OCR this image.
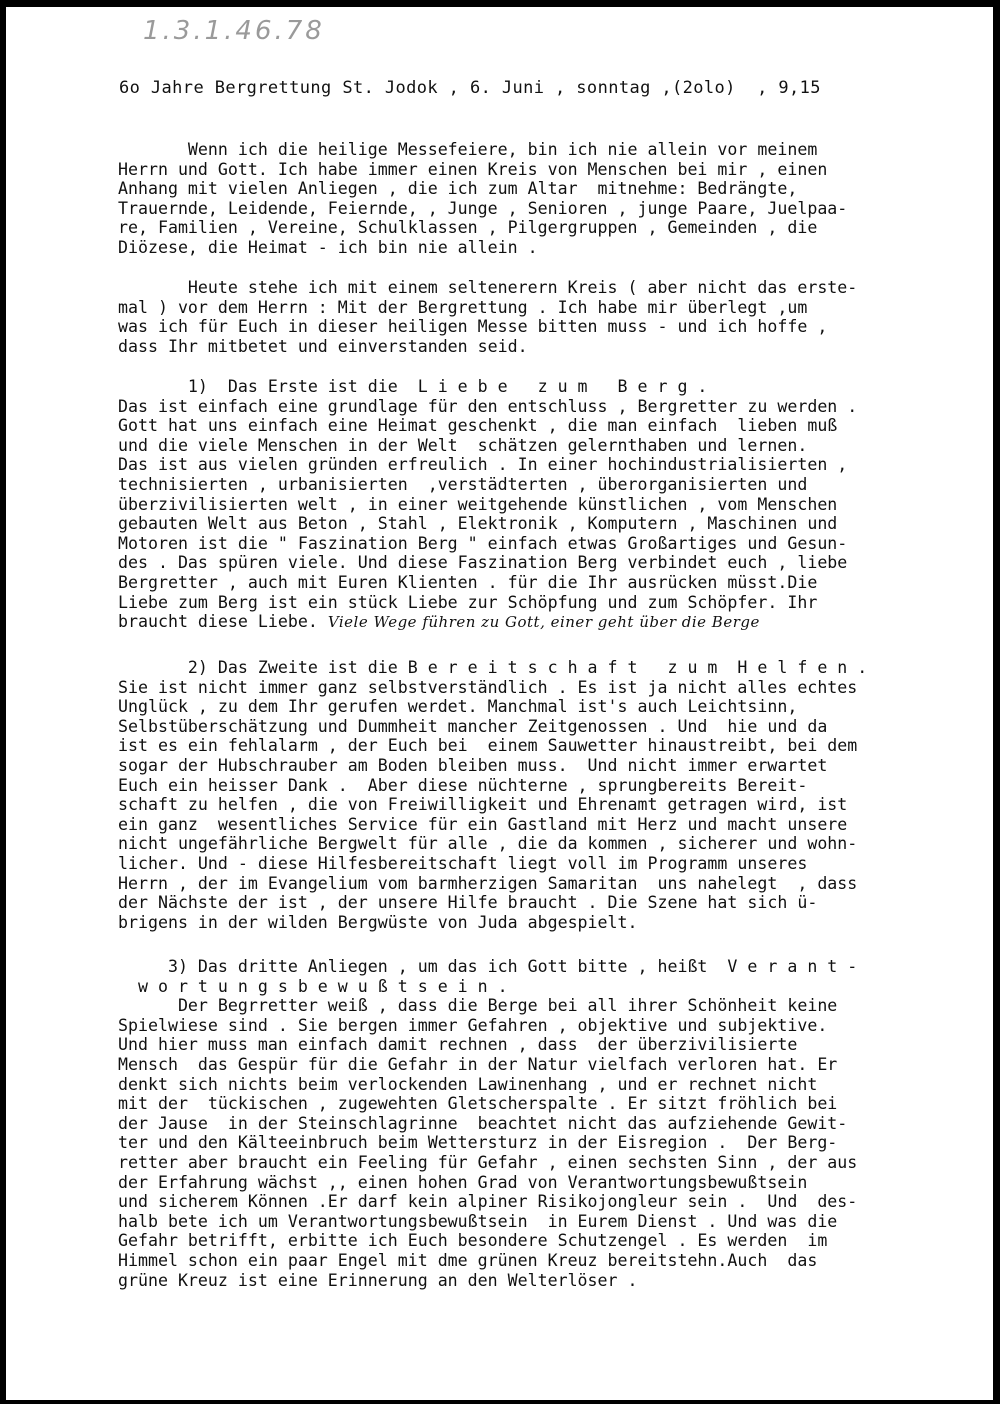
1.3.1.46.78
6o Jahre Bergrettung St. Jodok , 6. Juni , sonntag ,(2olo)  , 9,15
Wenn ich die heilige Messefeiere, bin ich nie allein vor meinem
Herrn und Gott. Ich habe immer einen Kreis von Menschen bei mir , einen
Anhang mit vielen Anliegen , die ich zum Altar  mitnehme: Bedrängte,
Trauernde, Leidende, Feiernde, , Junge , Senioren , junge Paare, Juelpaa-
re, Familien , Vereine, Schulklassen , Pilgergruppen , Gemeinden , die
Diözese, die Heimat - ich bin nie allein .
Heute stehe ich mit einem seltenerern Kreis ( aber nicht das erste-
mal ) vor dem Herrn : Mit der Bergrettung . Ich habe mir überlegt ,um
was ich für Euch in dieser heiligen Messe bitten muss - und ich hoffe ,
dass Ihr mitbetet und einverstanden seid.
1)  Das Erste ist die  L i e b e   z u m   B e r g .
Das ist einfach eine grundlage für den entschluss , Bergretter zu werden .
Gott hat uns einfach eine Heimat geschenkt , die man einfach  lieben muß
und die viele Menschen in der Welt  schätzen gelernthaben und lernen.
Das ist aus vielen gründen erfreulich . In einer hochindustrialisierten ,
technisierten , urbanisierten  ,verstädterten , überorganisierten und
überzivilisierten welt , in einer weitgehende künstlichen , vom Menschen
gebauten Welt aus Beton , Stahl , Elektronik , Komputern , Maschinen und
Motoren ist die " Faszination Berg " einfach etwas Großartiges und Gesun-
des . Das spüren viele. Und diese Faszination Berg verbindet euch , liebe
Bergretter , auch mit Euren Klienten . für die Ihr ausrücken müsst.Die
Liebe zum Berg ist ein stück Liebe zur Schöpfung und zum Schöpfer. Ihr
braucht diese Liebe. Viele Wege führen zu Gott, einer geht über die Berge
2) Das Zweite ist die B e r e i t s c h a f t   z u m  H e l f e n .
Sie ist nicht immer ganz selbstverständlich . Es ist ja nicht alles echtes
Unglück , zu dem Ihr gerufen werdet. Manchmal ist's auch Leichtsinn,
Selbstüberschätzung und Dummheit mancher Zeitgenossen . Und  hie und da
ist es ein fehlalarm , der Euch bei  einem Sauwetter hinaustreibt, bei dem
sogar der Hubschrauber am Boden bleiben muss.  Und nicht immer erwartet
Euch ein heisser Dank .  Aber diese nüchterne , sprungbereits Bereit-
schaft zu helfen , die von Freiwilligkeit und Ehrenamt getragen wird, ist
ein ganz  wesentliches Service für ein Gastland mit Herz und macht unsere
nicht ungefährliche Bergwelt für alle , die da kommen , sicherer und wohn-
licher. Und - diese Hilfesbereitschaft liegt voll im Programm unseres
Herrn , der im Evangelium vom barmherzigen Samaritan  uns nahelegt  , dass
der Nächste der ist , der unsere Hilfe braucht . Die Szene hat sich ü-
brigens in der wilden Bergwüste von Juda abgespielt.
3) Das dritte Anliegen , um das ich Gott bitte , heißt  V e r a n t -
w o r t u n g s b e w u ß t s e i n .
Der Begrretter weiß , dass die Berge bei all ihrer Schönheit keine
Spielwiese sind . Sie bergen immer Gefahren , objektive und subjektive.
Und hier muss man einfach damit rechnen , dass  der überzivilisierte
Mensch  das Gespür für die Gefahr in der Natur vielfach verloren hat. Er
denkt sich nichts beim verlockenden Lawinenhang , und er rechnet nicht
mit der  tückischen , zugewehten Gletscherspalte . Er sitzt fröhlich bei
der Jause  in der Steinschlagrinne  beachtet nicht das aufziehende Gewit-
ter und den Kälteeinbruch beim Wettersturz in der Eisregion .  Der Berg-
retter aber braucht ein Feeling für Gefahr , einen sechsten Sinn , der aus
der Erfahrung wächst ,, einen hohen Grad von Verantwortungsbewußtsein
und sicherem Können .Er darf kein alpiner Risikojongleur sein .  Und  des-
halb bete ich um Verantwortungsbewußtsein  in Eurem Dienst . Und was die
Gefahr betrifft, erbitte ich Euch besondere Schutzengel . Es werden  im
Himmel schon ein paar Engel mit dme grünen Kreuz bereitstehn.Auch  das
grüne Kreuz ist eine Erinnerung an den Welterlöser .
